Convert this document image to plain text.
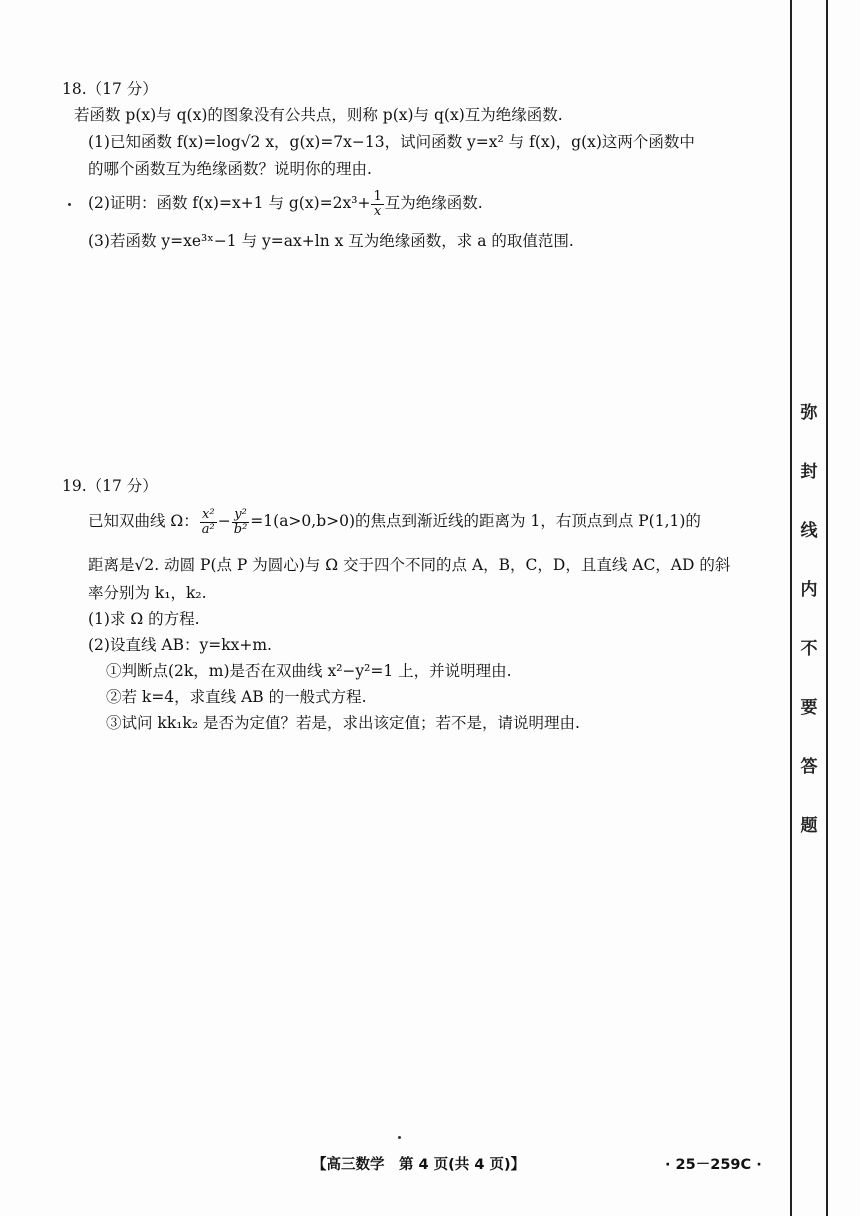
弥
封
线
内
不
要
答
题
18.（17 分）
若函数 p(x)与 q(x)的图象没有公共点，则称 p(x)与 q(x)互为绝缘函数.
(1)已知函数 f(x)=log√2 x，g(x)=7x−13，试问函数 y=x² 与 f(x)，g(x)这两个函数中
的哪个函数互为绝缘函数？说明你的理由.
(2)证明：函数 f(x)=x+1 与 $g(x)=2x^3+ \frac{1}{x}$ 互为绝缘函数.
(3)若函数 y=xe³ˣ−1 与 y=ax+ln x 互为绝缘函数，求 a 的取值范围.
19.（17 分）
已知双曲线 Ω： $\frac{\text{x²}}{\text{a²}} - \frac{\text{y²}}{\text{b²}} =1(a>0,b>0)$的焦点到渐近线的距离为 1，右顶点到点 P(1,1)的
距离是√2. 动圆 P(点 P 为圆心)与 Ω 交于四个不同的点 A，B，C，D，且直线 AC，AD 的斜
率分别为 k₁，k₂.
(1)求 Ω 的方程.
(2)设直线 AB：y=kx+m.
①判断点(2k，m)是否在双曲线 x²−y²=1 上，并说明理由.
②若 k=4，求直线 AB 的一般式方程.
③试问 kk₁k₂ 是否为定值？若是，求出该定值；若不是，请说明理由.
【高三数学　第 4 页(共 4 页)】	· 25－259C ·
